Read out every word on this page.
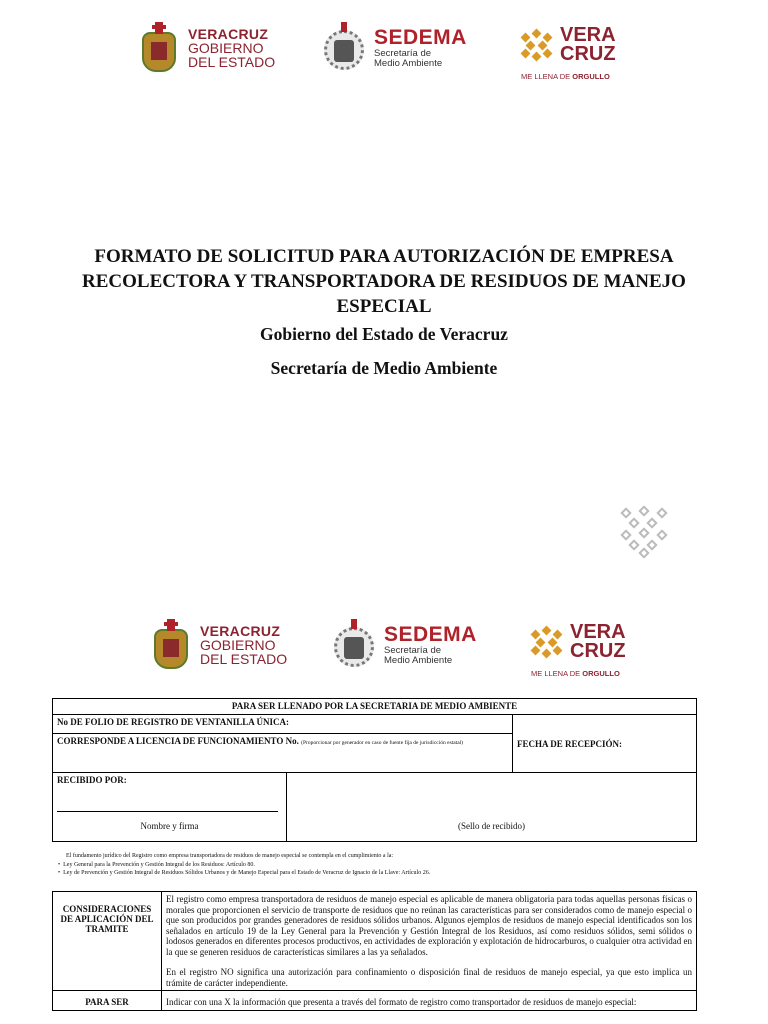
VERACRUZ
GOBIERNO
DEL ESTADO
SEDEMA
Secretaría de
Medio Ambiente
VERA
CRUZ
ME LLENA DE ORGULLO
FORMATO DE SOLICITUD PARA AUTORIZACIÓN DE EMPRESA
RECOLECTORA Y TRANSPORTADORA DE RESIDUOS DE MANEJO
ESPECIAL
Gobierno del Estado de Veracruz
Secretaría de Medio Ambiente
VERACRUZ
GOBIERNO
DEL ESTADO
SEDEMA
Secretaría de
Medio Ambiente
VERA
CRUZ
ME LLENA DE ORGULLO
PARA SER LLENADO POR LA SECRETARIA DE MEDIO AMBIENTE		
No DE FOLIO DE REGISTRO DE VENTANILLA ÚNICA:		FECHA DE RECEPCIÓN:
CORRESPONDE A LICENCIA DE FUNCIONAMIENTO No. (Proporcionar por generador en caso de fuente fija de jurisdicción estatal)		

RECIBIDO POR:
Nombre y firma	(Sello de recibido)	
El fundamento jurídico del Registro como empresa transportadora de residuos de manejo especial se contempla en el cumplimiento a la:
•  Ley General para la Prevención y Gestión Integral de los Residuos: Artículo 80.
•  Ley de Prevención y Gestión Integral de Residuos Sólidos Urbanos y de Manejo Especial para el Estado de Veracruz de Ignacio de la Llave: Artículo 26.
CONSIDERACIONES DE APLICACIÓN DEL TRAMITE	El registro como empresa transportadora de residuos de manejo especial es aplicable de manera obligatoria para todas aquellas personas físicas o morales que proporcionen el servicio de transporte de residuos que no reúnan las características para ser considerados como de manejo especial o que son producidos por grandes generadores de residuos sólidos urbanos. Algunos ejemplos de residuos de manejo especial identificados son los señalados en artículo 19 de la Ley General para la Prevención y Gestión Integral de los Residuos, así como residuos sólidos, semi sólidos o lodosos generados en diferentes procesos productivos, en actividades de exploración y explotación de hidrocarburos, o cualquier otra actividad en la que se generen residuos de características similares a las ya señalados.
En el registro NO significa una autorización para confinamiento o disposición final de residuos de manejo especial, ya que esto implica un trámite de carácter independiente.

PARA SER	Indicar con una X la información que presenta a través del formato de registro como transportador de residuos de manejo especial:
